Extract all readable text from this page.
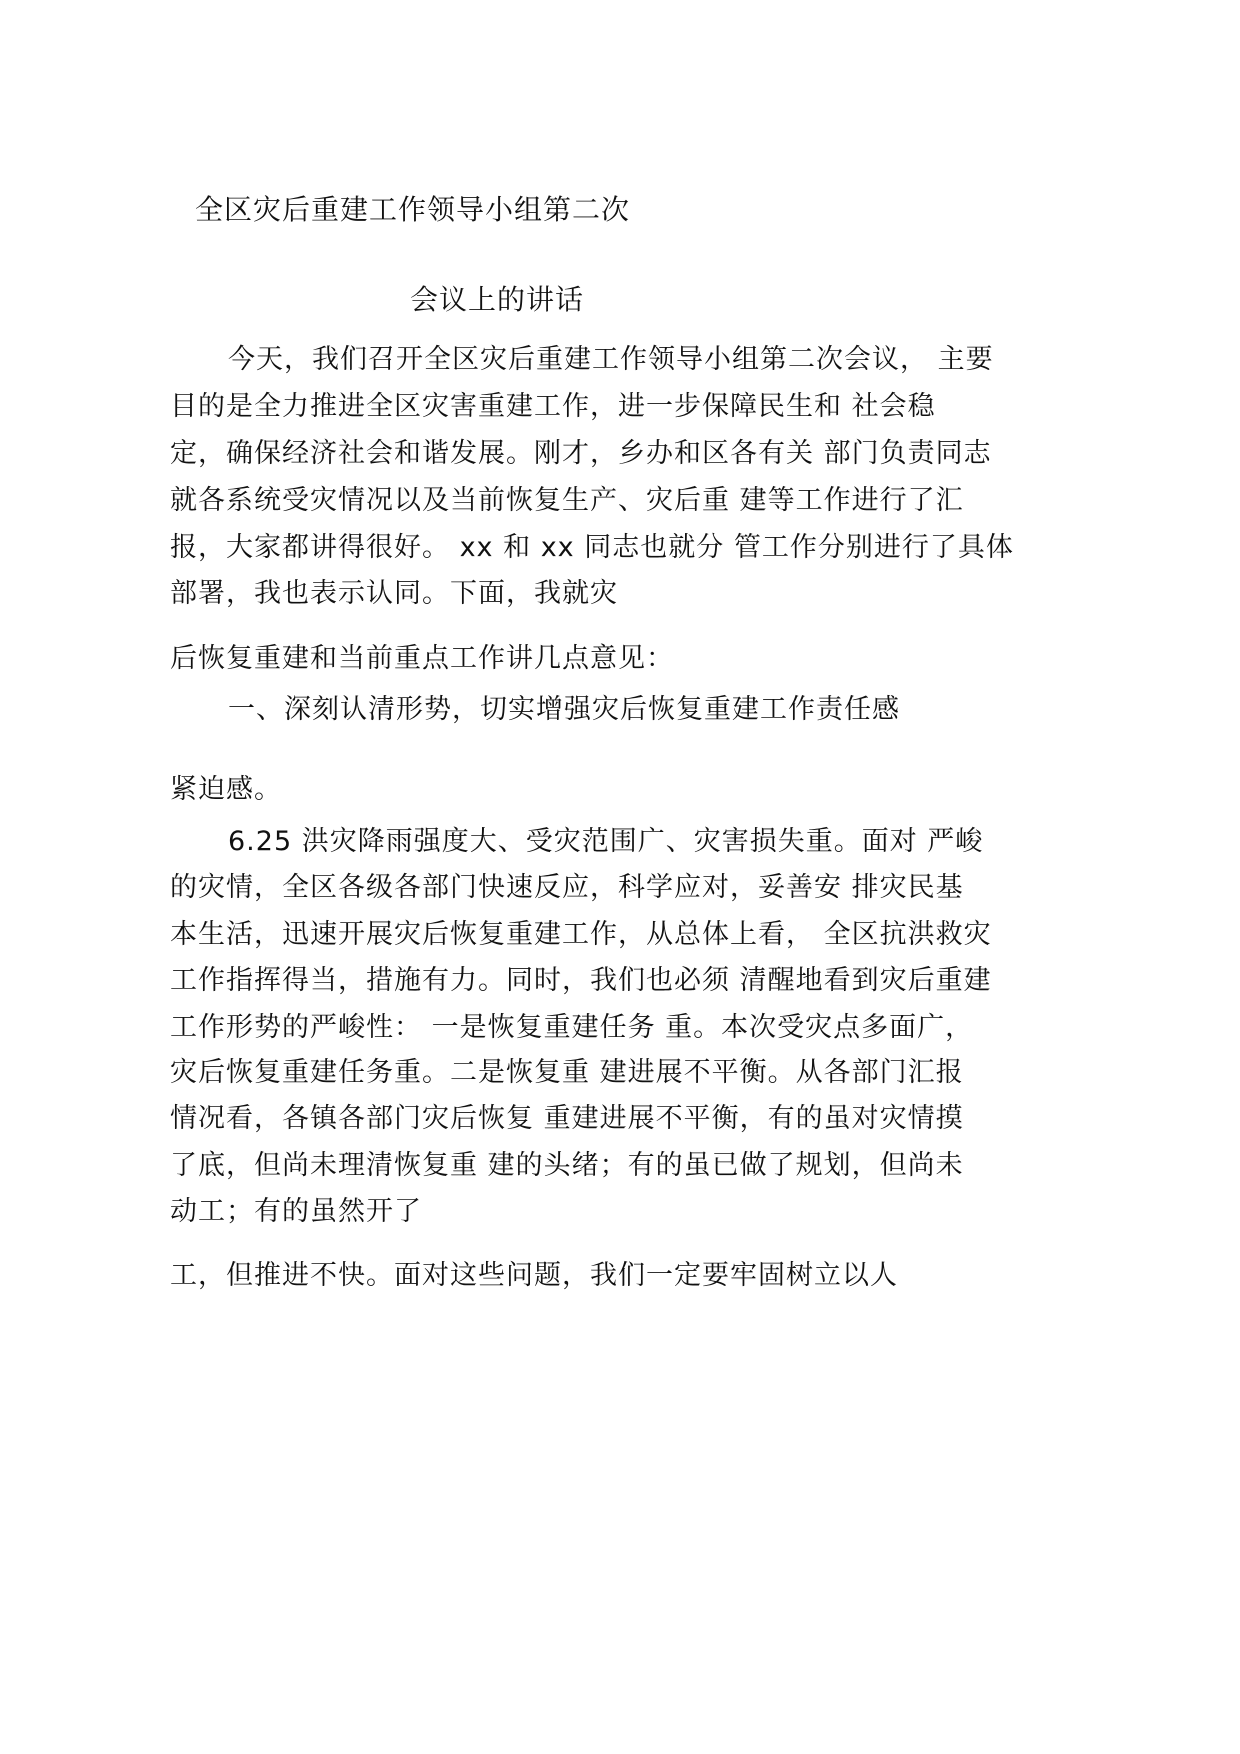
全区灾后重建工作领导小组第二次
会议上的讲话
今天，我们召开全区灾后重建工作领导小组第二次会议， 主要
目的是全力推进全区灾害重建工作，进一步保障民生和 社会稳
定，确保经济社会和谐发展。刚才，乡办和区各有关 部门负责同志
就各系统受灾情况以及当前恢复生产、灾后重 建等工作进行了汇
报，大家都讲得很好。 xx 和 xx 同志也就分 管工作分别进行了具体
部署，我也表示认同。下面，我就灾
后恢复重建和当前重点工作讲几点意见：
一、深刻认清形势，切实增强灾后恢复重建工作责任感
紧迫感。
6.25 洪灾降雨强度大、受灾范围广、灾害损失重。面对 严峻
的灾情，全区各级各部门快速反应，科学应对，妥善安 排灾民基
本生活，迅速开展灾后恢复重建工作，从总体上看， 全区抗洪救灾
工作指挥得当，措施有力。同时，我们也必须 清醒地看到灾后重建
工作形势的严峻性： 一是恢复重建任务 重。本次受灾点多面广，
灾后恢复重建任务重。二是恢复重 建进展不平衡。从各部门汇报
情况看，各镇各部门灾后恢复 重建进展不平衡，有的虽对灾情摸
了底，但尚未理清恢复重 建的头绪；有的虽已做了规划，但尚未
动工；有的虽然开了
工，但推进不快。面对这些问题，我们一定要牢固树立以人
